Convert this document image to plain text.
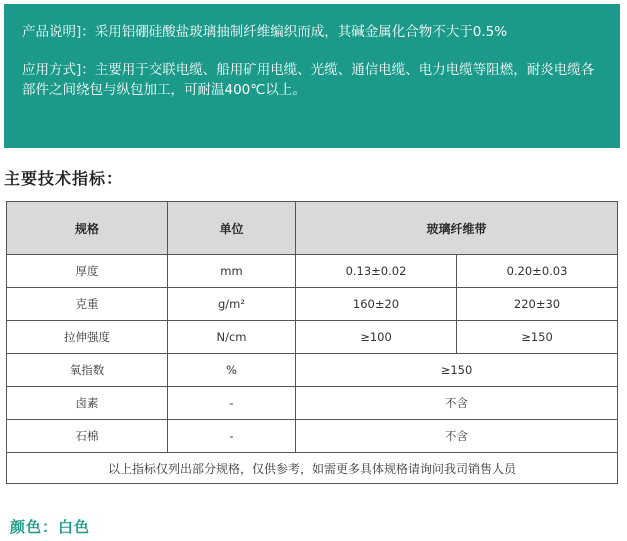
产品说明]：采用铝硼硅酸盐玻璃抽制纤维编织而成，其碱金属化合物不大于0.5%

应用方式]：主要用于交联电缆、船用矿用电缆、光缆、通信电缆、电力电缆等阻燃，耐炎电缆各部件之间绕包与纵包加工，可耐温400℃以上。

主要技术指标：
规格	单位	玻璃纤维带	
厚度	mm	0.13±0.02	0.20±0.03
克重	g/m²	160±20	220±30
拉伸强度	N/cm	≥100	≥150
氧指数	%	≥150	
卤素	-	不含	
石棉	-	不含	
以上指标仅列出部分规格，仅供参考，如需更多具体规格请询问我司销售人员			
颜色：白色
